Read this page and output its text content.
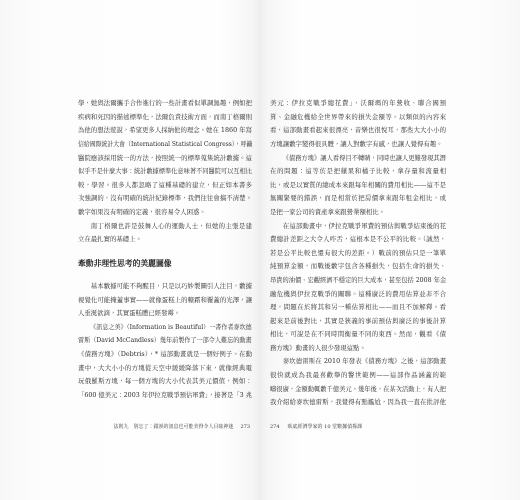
學，她與法爾攜手合作進行的一些計畫看似單調無趣，例如把
疾病和死因的描述標準化，法爾負責技術方面，而南丁格爾則
為他的想法遊說，希望更多人採納他的理念。她在 1860 年寫
信給國際統計大會（International Statistical Congress），呼籲
醫院應該採用統一的方法，按照統一的標準蒐集統計數據。這
似乎不是什麼大事：統計數據標準化意味著不同醫院可以互相比
較，學習。很多人都忽略了這種基礎的建立，但正如本書多
次強調的，沒有明確的統計紀錄標準，我們往往會搞不清楚。
數字如果沒有明確的定義，很容易令人困惑。
南丁格爾也許是鼓舞人心的運動人士，但她的主張是建
立在最扎實的基礎上。
牽動非理性思考的美麗圖像
基本數據可能不夠醒目，只是以巧妙製圖引人注目，數據
視覺化可能掩蓋事實——就像蛋糕上的糖霜和覆蓋的光澤，讓
人垂涎欲滴，其實蛋糕體已經發霉。
《訊息之美》（Information is Beautiful）一書作者麥坎德
雷斯（David McCandless）幾年前製作了一部令人難忘的動畫
《債務方塊》（Debtris），* 這部動畫就是一個好例子。在動
畫中，大大小小的方塊從天空中緩緩降落下來，就像經典電
玩俄羅斯方塊，每一個方塊的大小代表其美元價值，例如：
「600 億美元：2003 年伊拉克戰爭預估軍費」，接著是「3 兆
法則九　別忘了：錯誤的訊息也可能美得令人目眩神迷 273
美元：伊拉克戰爭總花費」，沃爾瑪的年營收、聯合國預
算、金融危機給全世界帶來的損失金額等。以類似的內容來
看，這部動畫看起來很漂亮，音樂也很悅耳，那些大大小小的
方塊讓數字變得很具體，讓人對數字有感，也讓人覺得有趣。
《債務方塊》讓人看得目不轉睛，同時也讓人更難發現其潛
在的問題：這等於是把蘋果和橘子比較，拿存量和流量相
比，或是以實質的總成本來跟每年相關的費用相比——這不是
無關緊要的錯誤，而是相當於把房價拿來跟年租金相比，或
是把一家公司的資產拿來跟營業額相比。
在這部動畫中，伊拉克戰爭軍費的預估與戰爭結束後的花
費總計差距之大令人咋舌，這根本是不公平的比較。（誠然，
若是公平比較也還有很大的差距。）戰前的預估只是一筆單
純預算金額，而戰後數字包含各種損失，包括生命的損失、
昂貴的油價、宏觀經濟不穩定的巨大成本，甚至包括 2008 年金
融危機與伊拉克戰爭的關聯。這種廣泛的費用估算並非不合
理，問題在於將其和另一種估算相比——而且不加解釋。看
起來是前後對比，其實是狹義的事前預估與廣泛的事後計算
相比，可說是在不同時間衡量不同的東西。然而，觀看《債
務方塊》動畫的人很少發現這點。
麥坎德雷斯在 2010 年發表《債務方塊》之後，這部動畫
很快就成為我最喜歡舉的警世範例——這部作品涵蓋的範
疇很廣，金額動輒數千億美元。幾年後，在某次活動上，有人把
我介紹給麥坎德雷斯，我覺得有點尷尬，因為我一直在批評他
274 臥底經濟學家的 10 堂數據偵探課
